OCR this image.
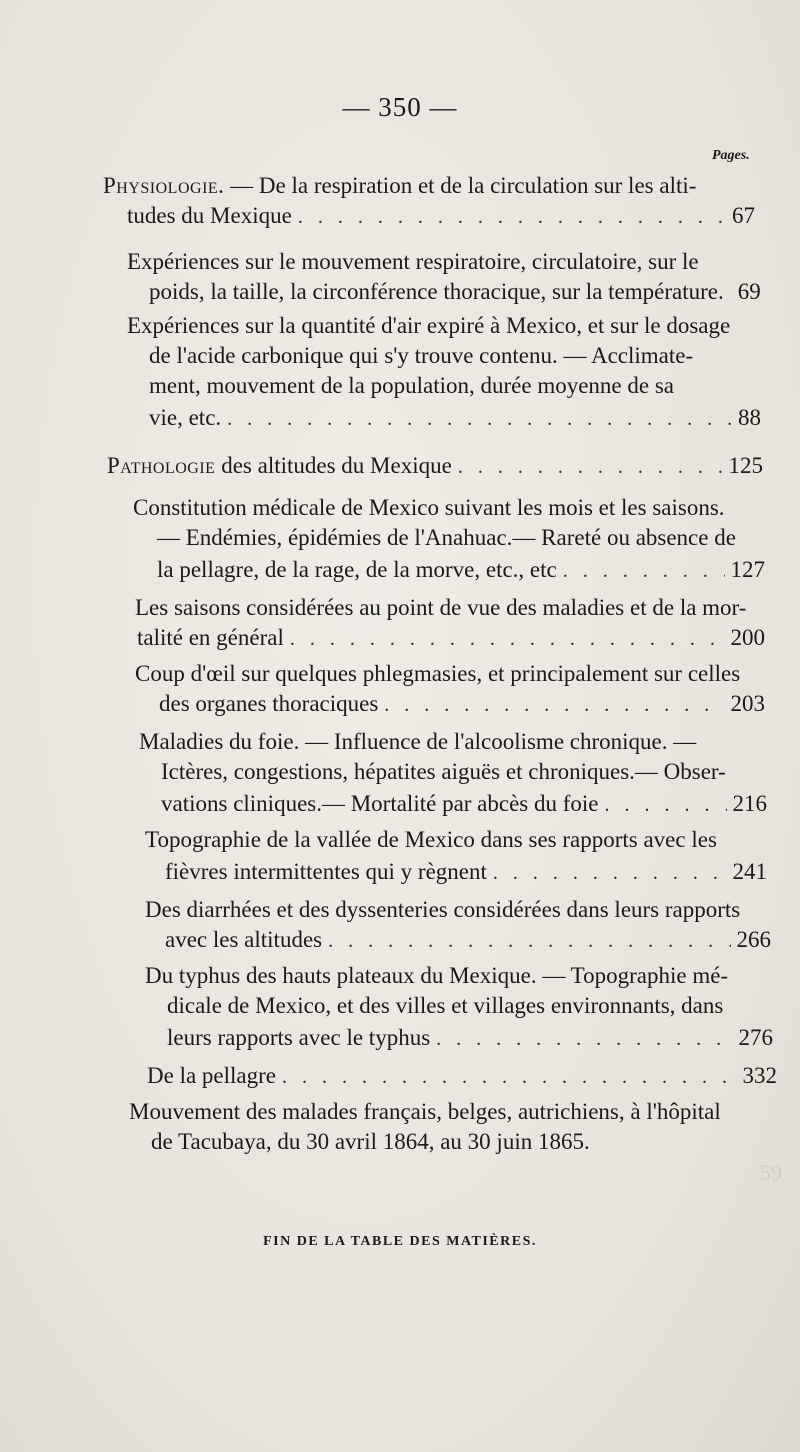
59
— 350 —
Pages.
Physiologie. — De la respiration et de la circulation sur les alti-
tudes du Mexique . . .	67
Expériences sur le mouvement respiratoire, circulatoire, sur le
poids, la taille, la circonférence thoracique, sur la température. 69
Expériences sur la quantité d'air expiré à Mexico, et sur le dosage
de l'acide carbonique qui s'y trouve contenu. — Acclimate-
ment, mouvement de la population, durée moyenne de sa
vie, etc. . . .	88
Pathologie des altitudes du Mexique . . .	125
Constitution médicale de Mexico suivant les mois et les saisons.
— Endémies, épidémies de l'Anahuac.— Rareté ou absence de
la pellagre, de la rage, de la morve, etc., etc . . .	127
Les saisons considérées au point de vue des maladies et de la mor-
talité en général . . .	200
Coup d'œil sur quelques phlegmasies, et principalement sur celles
des organes thoraciques . . .	203
Maladies du foie. — Influence de l'alcoolisme chronique. —
Ictères, congestions, hépatites aiguës et chroniques.— Obser-
vations cliniques.— Mortalité par abcès du foie . . .	216
Topographie de la vallée de Mexico dans ses rapports avec les
fièvres intermittentes qui y règnent . . .	241
Des diarrhées et des dyssenteries considérées dans leurs rapports
avec les altitudes . . .	266
Du typhus des hauts plateaux du Mexique. — Topographie mé-
dicale de Mexico, et des villes et villages environnants, dans
leurs rapports avec le typhus . . .	276
De la pellagre . . .	332
Mouvement des malades français, belges, autrichiens, à l'hôpital
de Tacubaya, du 30 avril 1864, au 30 juin 1865.
FIN DE LA TABLE DES MATIÈRES.
